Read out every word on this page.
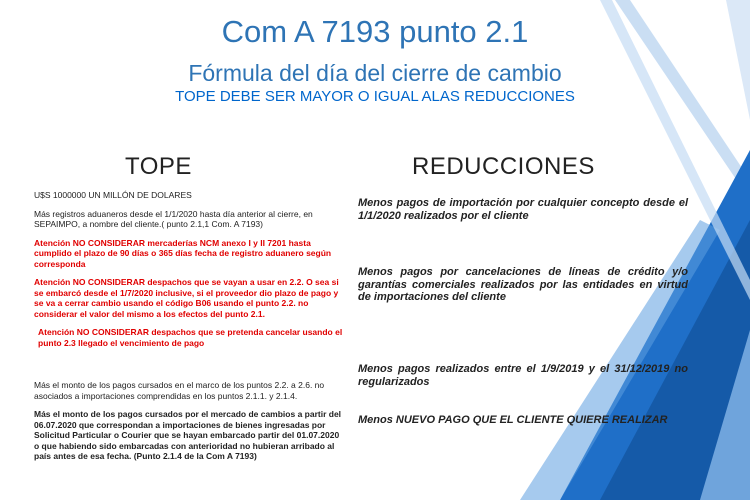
Com A 7193 punto 2.1
Fórmula del día del cierre de cambio
TOPE DEBE SER MAYOR O IGUAL ALAS REDUCCIONES
TOPE	REDUCCIONES

U$S 1000000 UN MILLÓN DE DOLARES

Más registros aduaneros desde el 1/1/2020 hasta día anterior al cierre, en SEPAIMPO, a nombre del cliente.( punto 2.1,1 Com. A 7193)

Atención NO CONSIDERAR mercaderías NCM anexo I y II 7201 hasta cumplido el plazo de 90 días o 365 días fecha de registro aduanero según corresponda

Atención NO CONSIDERAR despachos que se vayan a usar en 2.2. O sea si se embarcó desde el 1/7/2020 inclusive, si el proveedor dio plazo de pago y se va a cerrar cambio usando el código B06 usando el punto 2.2. no considerar el valor del mismo a los efectos del punto 2.1.

Atención NO CONSIDERAR despachos que se pretenda cancelar usando el punto 2.3 llegado el vencimiento de pago

Más el monto de los pagos cursados en el marco de los puntos 2.2. a 2.6. no asociados a importaciones comprendidas en los puntos 2.1.1. y 2.1.4.

Más el monto de los pagos cursados por el mercado de cambios a partir del 06.07.2020 que correspondan a importaciones de bienes ingresadas por Solicitud Particular o Courier que se hayan embarcado partir del 01.07.2020 o que habiendo sido embarcadas con anterioridad no hubieran arribado al país antes de esa fecha. (Punto 2.1.4 de la Com A 7193)

Menos pagos de importación por cualquier concepto desde el 1/1/2020 realizados por el cliente
Menos pagos por cancelaciones de líneas de crédito y/o garantías comerciales realizados por las entidades en virtud de importaciones del cliente
Menos pagos realizados entre el 1/9/2019 y el 31/12/2019 no regularizados
Menos NUEVO PAGO QUE EL CLIENTE QUIERE REALIZAR
